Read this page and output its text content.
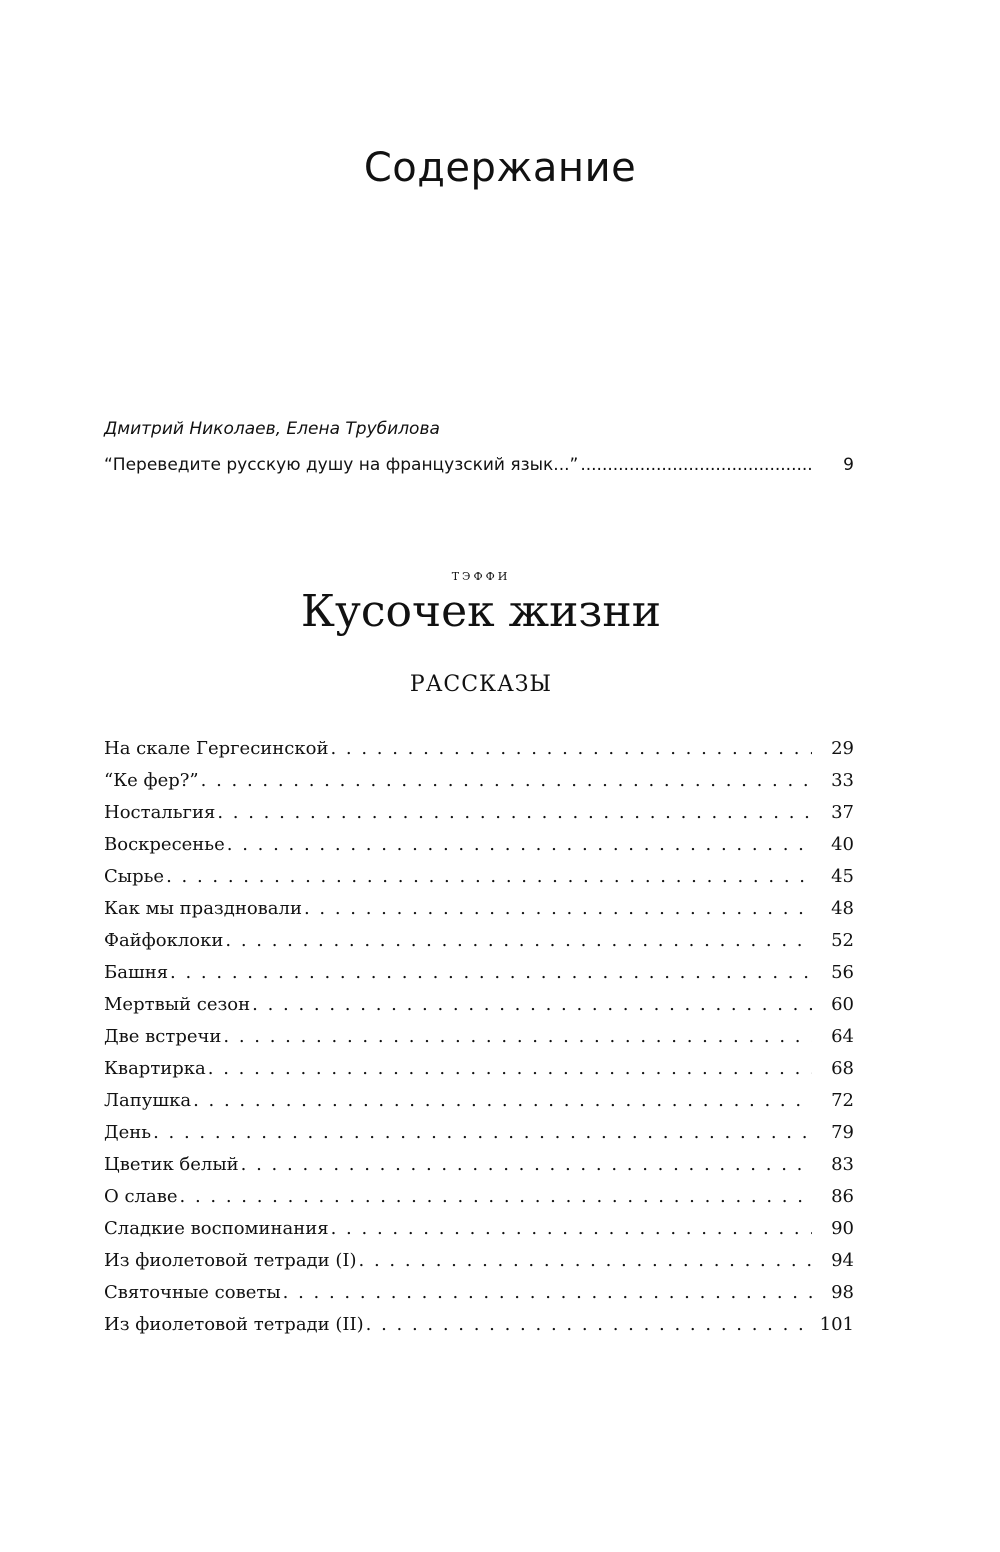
Содержание
Дмитрий Николаев, Елена Трубилова
“Переведите русскую душу на французский язык...” .....	9
тэффи
Кусочек жизни
РАССКАЗЫ
На скале Гергесинской . . .	29
“Ке фер?” . . .	33
Ностальгия . . .	37
Воскресенье . . .	40
Сырье . . .	45
Как мы праздновали . . .	48
Файфоклоки . . .	52
Башня . . .	56
Мертвый сезон . . .	60
Две встречи . . .	64
Квартирка . . .	68
Лапушка . . .	72
День . . .	79
Цветик белый . . .	83
О славе . . .	86
Сладкие воспоминания . . .	90
Из фиолетовой тетради (I) . . .	94
Святочные советы . . .	98
Из фиолетовой тетради (II) . . .	101
